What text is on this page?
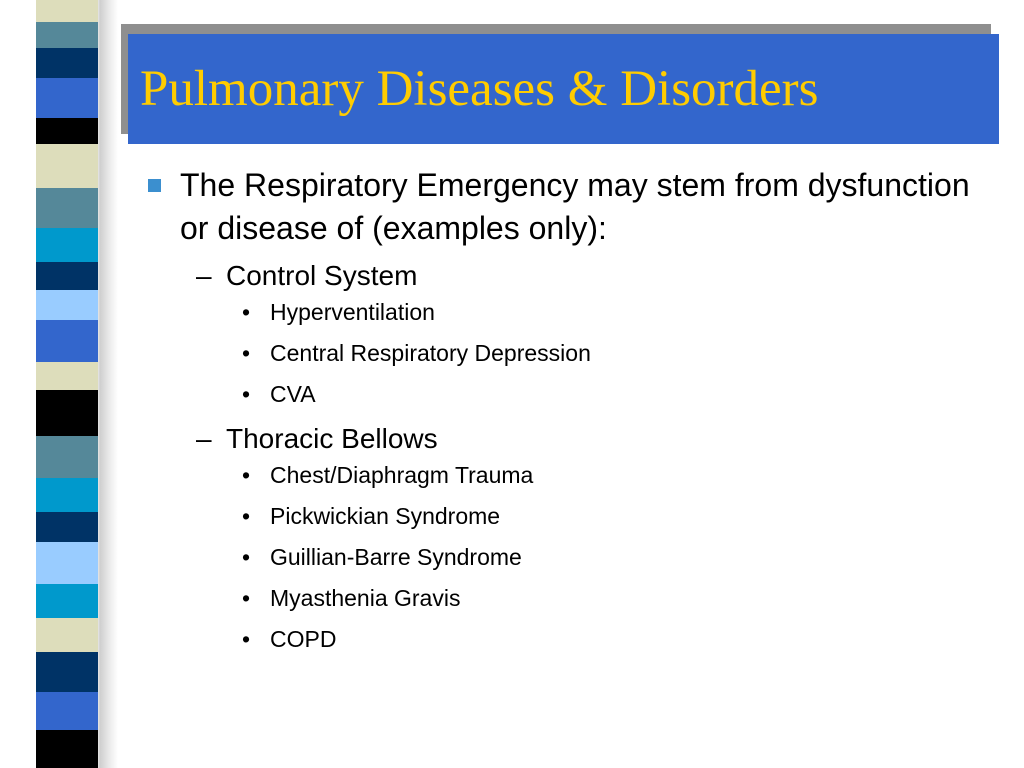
Pulmonary Diseases & Disorders
The Respiratory Emergency may stem from dysfunction or disease of (examples only):
– Control System
• Hyperventilation
• Central Respiratory Depression
• CVA
– Thoracic Bellows
• Chest/Diaphragm Trauma
• Pickwickian Syndrome
• Guillian-Barre Syndrome
• Myasthenia Gravis
• COPD
